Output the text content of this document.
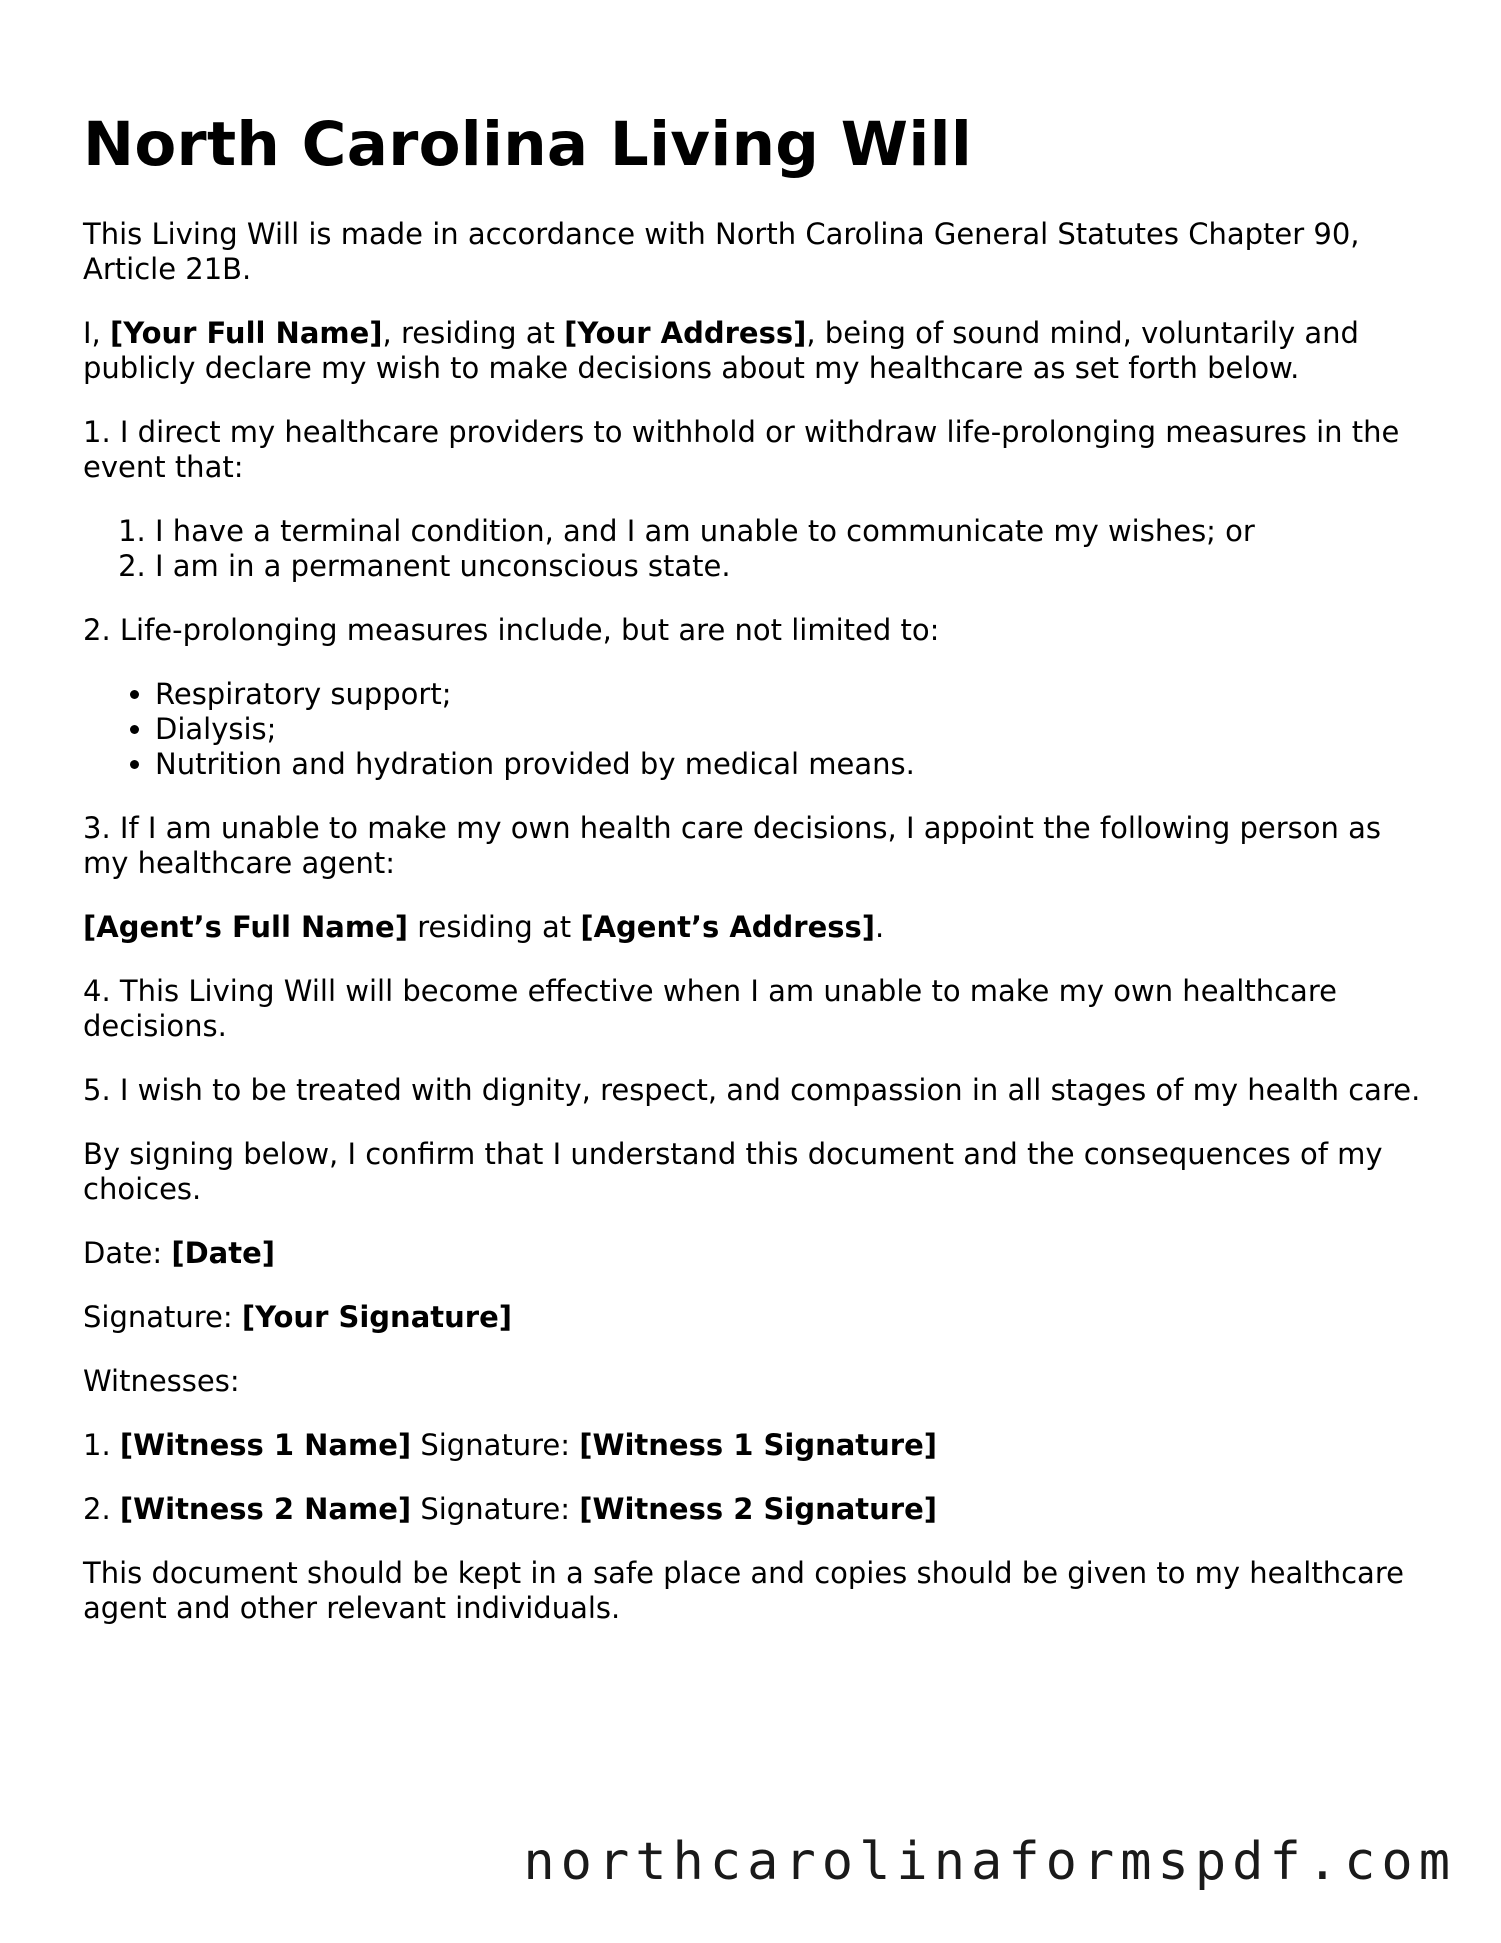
North Carolina Living Will

This Living Will is made in accordance with North Carolina General Statutes Chapter 90, Article 21B.

I, [Your Full Name], residing at [Your Address], being of sound mind, voluntarily and publicly declare my wish to make decisions about my healthcare as set forth below.

1. I direct my healthcare providers to withhold or withdraw life-prolonging measures in the event that:

1. I have a terminal condition, and I am unable to communicate my wishes; or
2. I am in a permanent unconscious state.

2. Life-prolonging measures include, but are not limited to:

• Respiratory support;
• Dialysis;
• Nutrition and hydration provided by medical means.

3. If I am unable to make my own health care decisions, I appoint the following person as my healthcare agent:

[Agent’s Full Name] residing at [Agent’s Address].

4. This Living Will will become effective when I am unable to make my own healthcare decisions.

5. I wish to be treated with dignity, respect, and compassion in all stages of my health care.

By signing below, I confirm that I understand this document and the consequences of my choices.

Date: [Date]

Signature: [Your Signature]

Witnesses:

1. [Witness 1 Name] Signature: [Witness 1 Signature]

2. [Witness 2 Name] Signature: [Witness 2 Signature]

This document should be kept in a safe place and copies should be given to my healthcare agent and other relevant individuals.

northcarolinaformspdf.com
